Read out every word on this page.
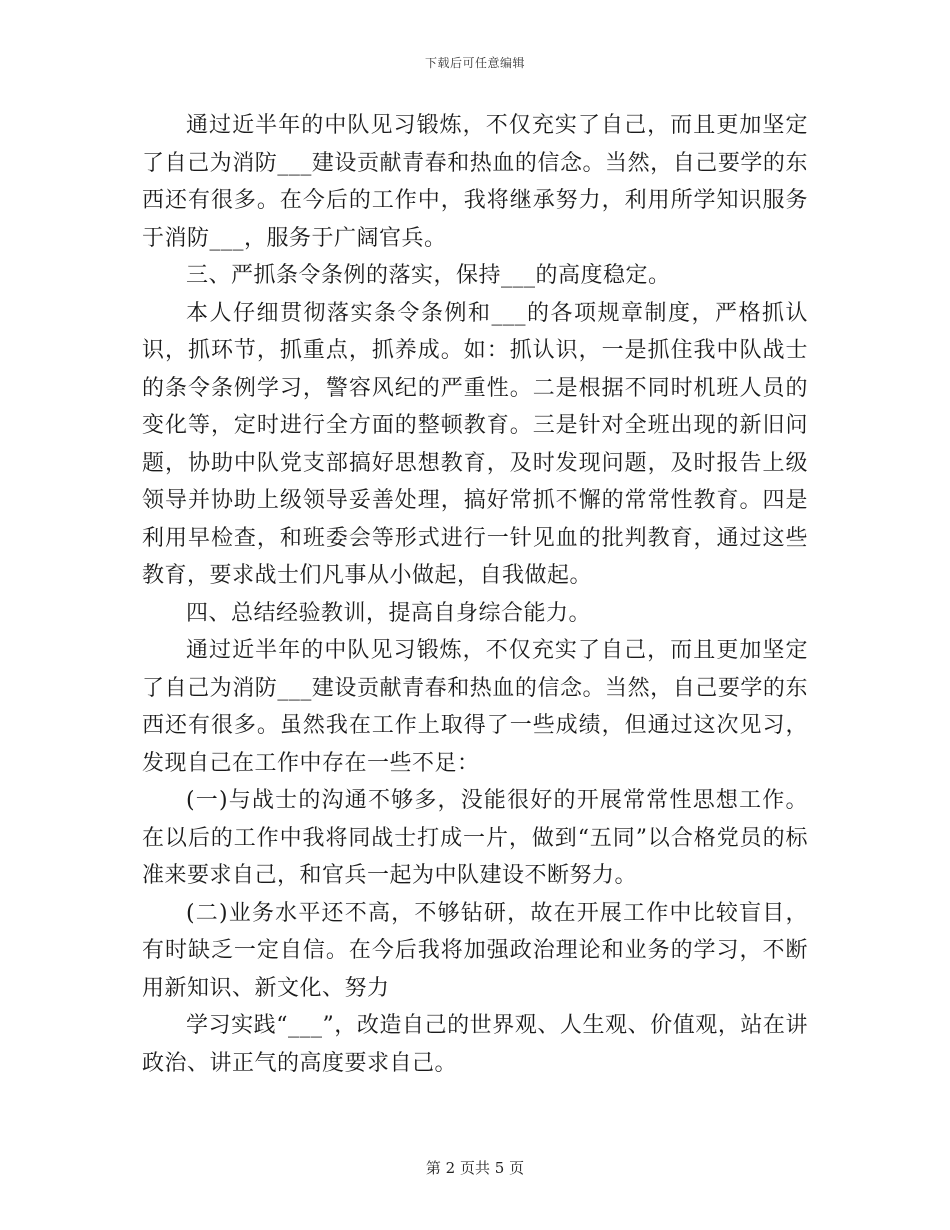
下载后可任意编辑

通过近半年的中队见习锻炼，不仅充实了自己，而且更加坚定了自己为消防___建设贡献青春和热血的信念。当然，自己要学的东西还有很多。在今后的工作中，我将继承努力，利用所学知识服务于消防___，服务于广阔官兵。

三、严抓条令条例的落实，保持___的高度稳定。

本人仔细贯彻落实条令条例和___的各项规章制度，严格抓认识，抓环节，抓重点，抓养成。如：抓认识，一是抓住我中队战士的条令条例学习，警容风纪的严重性。二是根据不同时机班人员的变化等，定时进行全方面的整顿教育。三是针对全班出现的新旧问题，协助中队党支部搞好思想教育，及时发现问题，及时报告上级领导并协助上级领导妥善处理，搞好常抓不懈的常常性教育。四是利用早检查，和班委会等形式进行一针见血的批判教育，通过这些教育，要求战士们凡事从小做起，自我做起。

四、总结经验教训，提高自身综合能力。

通过近半年的中队见习锻炼，不仅充实了自己，而且更加坚定了自己为消防___建设贡献青春和热血的信念。当然，自己要学的东西还有很多。虽然我在工作上取得了一些成绩，但通过这次见习，发现自己在工作中存在一些不足：

(一)与战士的沟通不够多，没能很好的开展常常性思想工作。在以后的工作中我将同战士打成一片，做到“五同”以合格党员的标准来要求自己，和官兵一起为中队建设不断努力。

(二)业务水平还不高，不够钻研，故在开展工作中比较盲目，有时缺乏一定自信。在今后我将加强政治理论和业务的学习，不断用新知识、新文化、努力

学习实践“___”，改造自己的世界观、人生观、价值观，站在讲政治、讲正气的高度要求自己。

第 2 页共 5 页
